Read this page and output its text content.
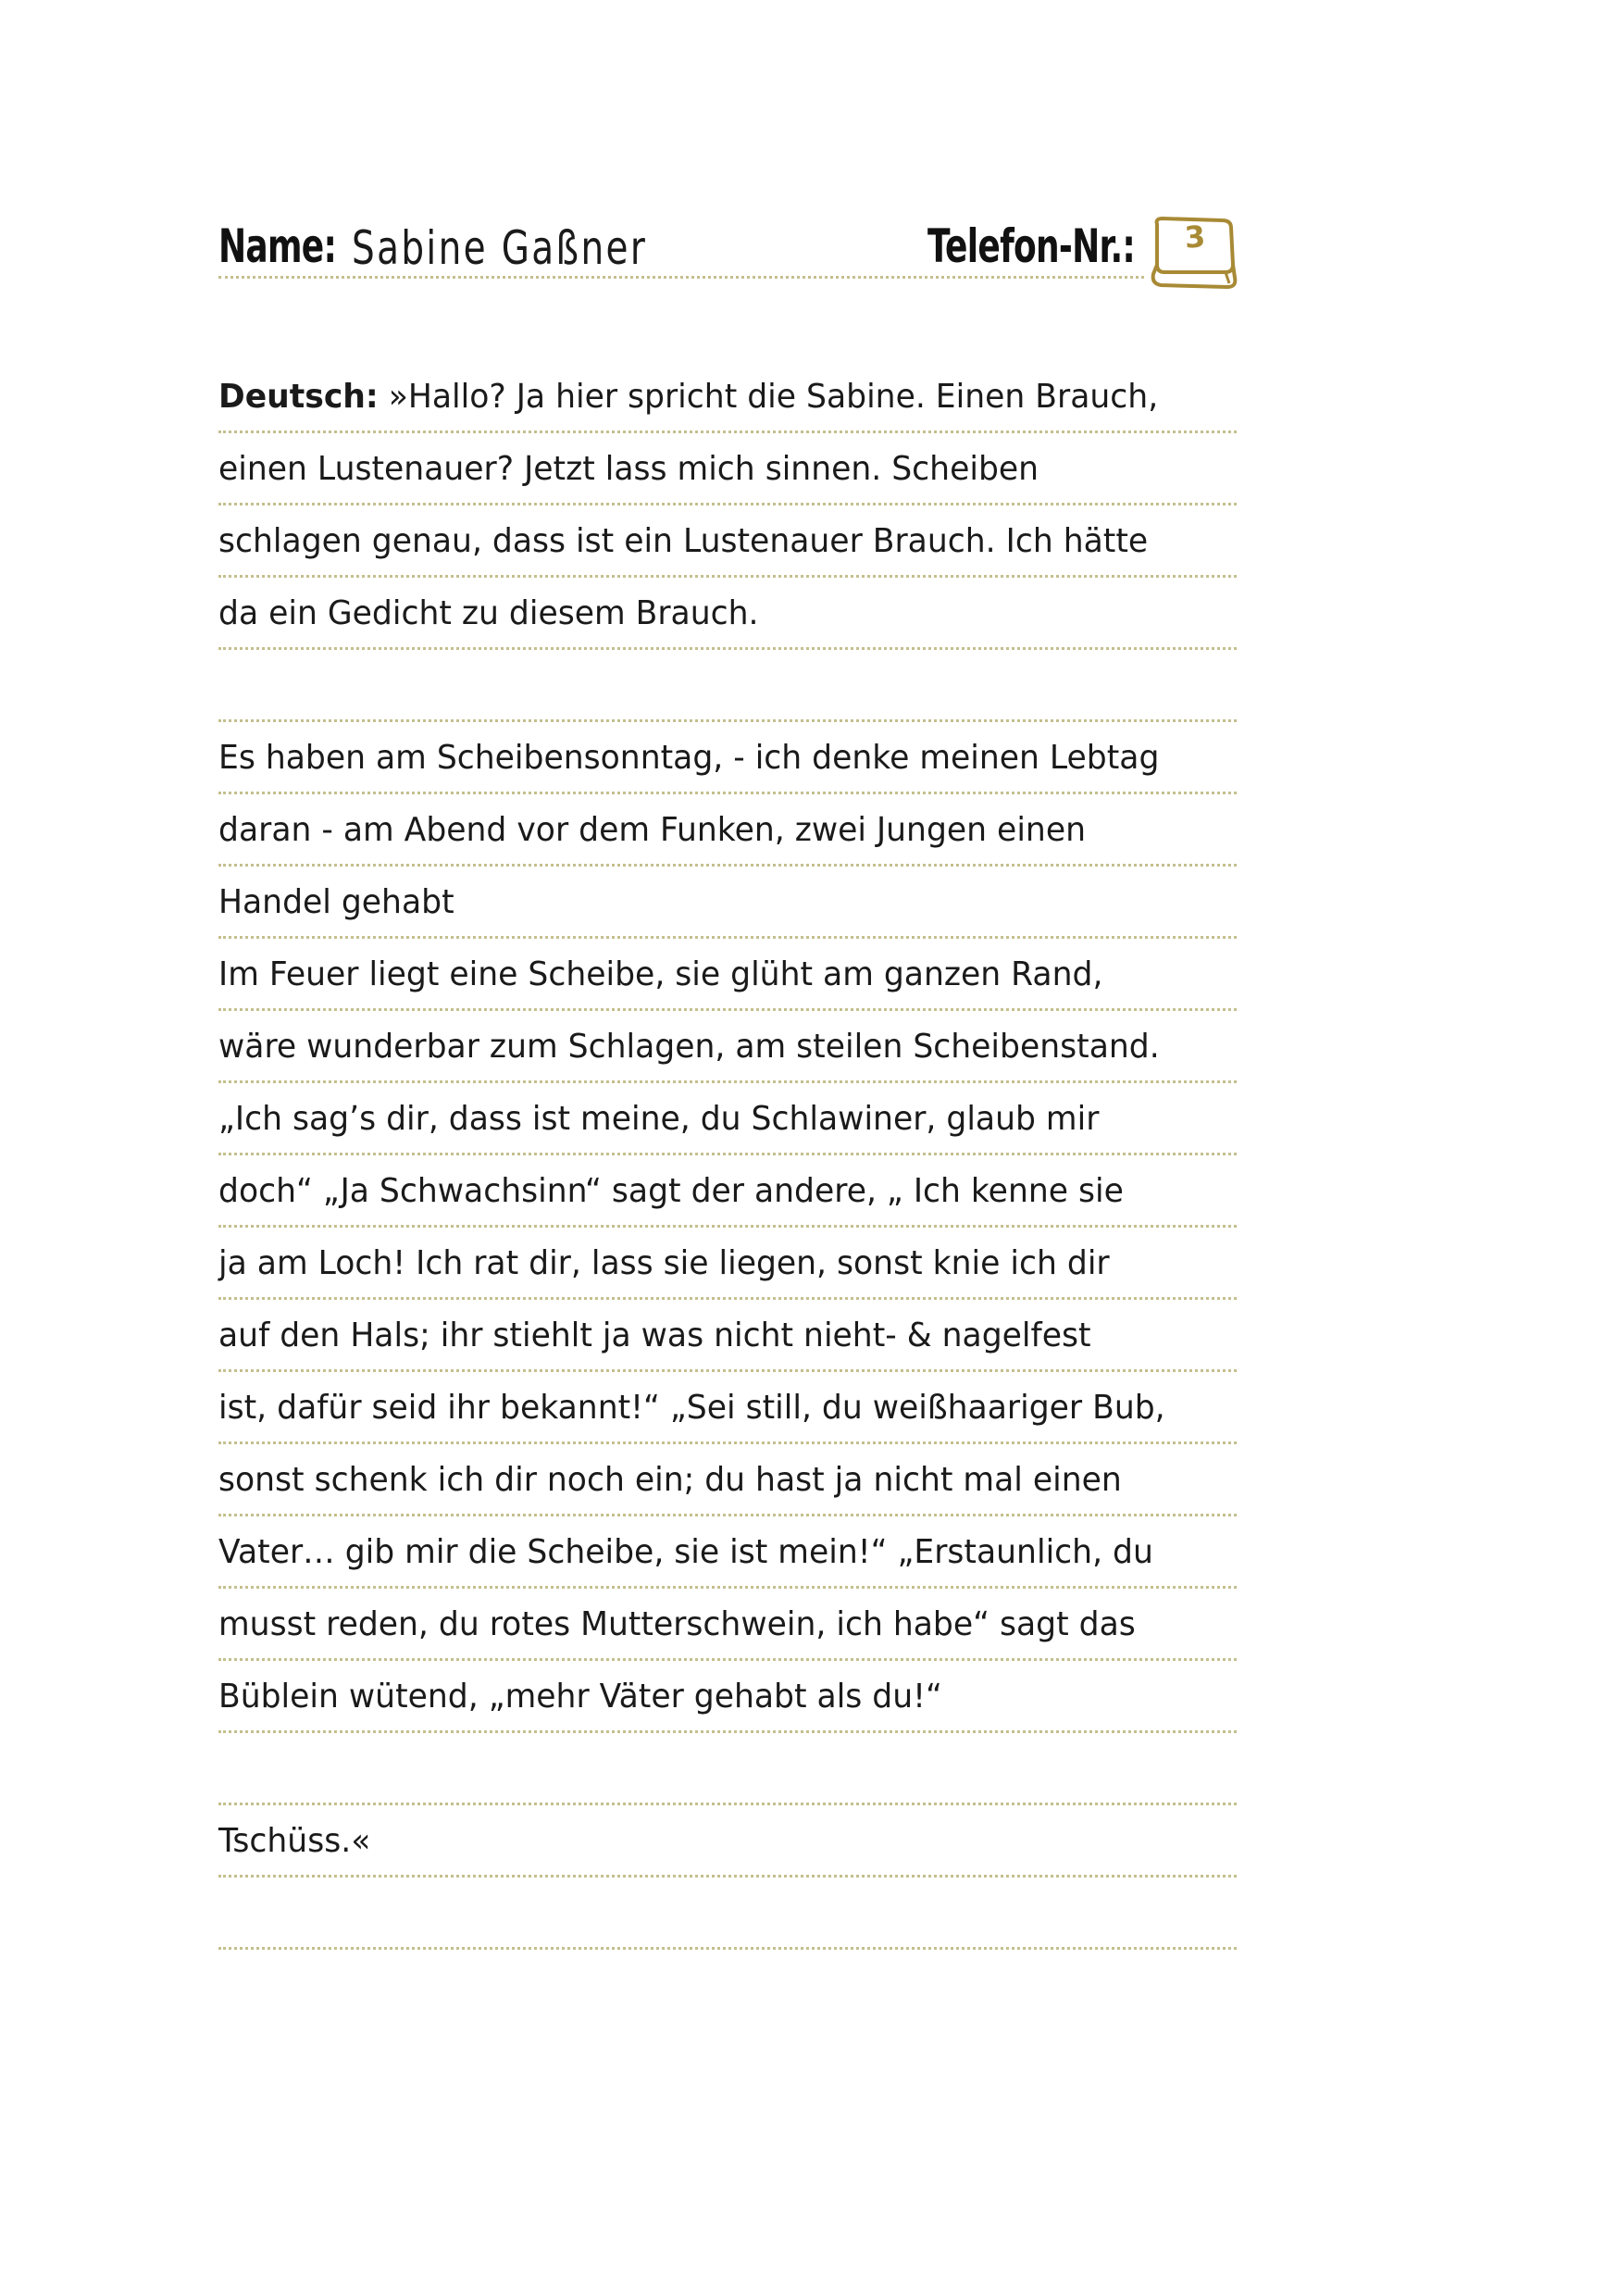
Name: Sabine Gaßner	Telefon-Nr.:	3
Deutsch: »Hallo? Ja hier spricht die Sabine. Einen Brauch,
einen Lustenauer? Jetzt lass mich sinnen. Scheiben
schlagen genau, dass ist ein Lustenauer Brauch. Ich hätte
da ein Gedicht zu diesem Brauch.
Es haben am Scheibensonntag, - ich denke meinen Lebtag
daran - am Abend vor dem Funken, zwei Jungen einen
Handel gehabt
Im Feuer liegt eine Scheibe, sie glüht am ganzen Rand,
wäre wunderbar zum Schlagen, am steilen Scheibenstand.
„Ich sag’s dir, dass ist meine, du Schlawiner, glaub mir
doch“ „Ja Schwachsinn“ sagt der andere, „ Ich kenne sie
ja am Loch! Ich rat dir, lass sie liegen, sonst knie ich dir
auf den Hals; ihr stiehlt ja was nicht nieht- & nagelfest
ist, dafür seid ihr bekannt!“ „Sei still, du weißhaariger Bub,
sonst schenk ich dir noch ein; du hast ja nicht mal einen
Vater… gib mir die Scheibe, sie ist mein!“ „Erstaunlich, du
musst reden, du rotes Mutterschwein, ich habe“ sagt das
Büblein wütend, „mehr Väter gehabt als du!“
Tschüss.«
